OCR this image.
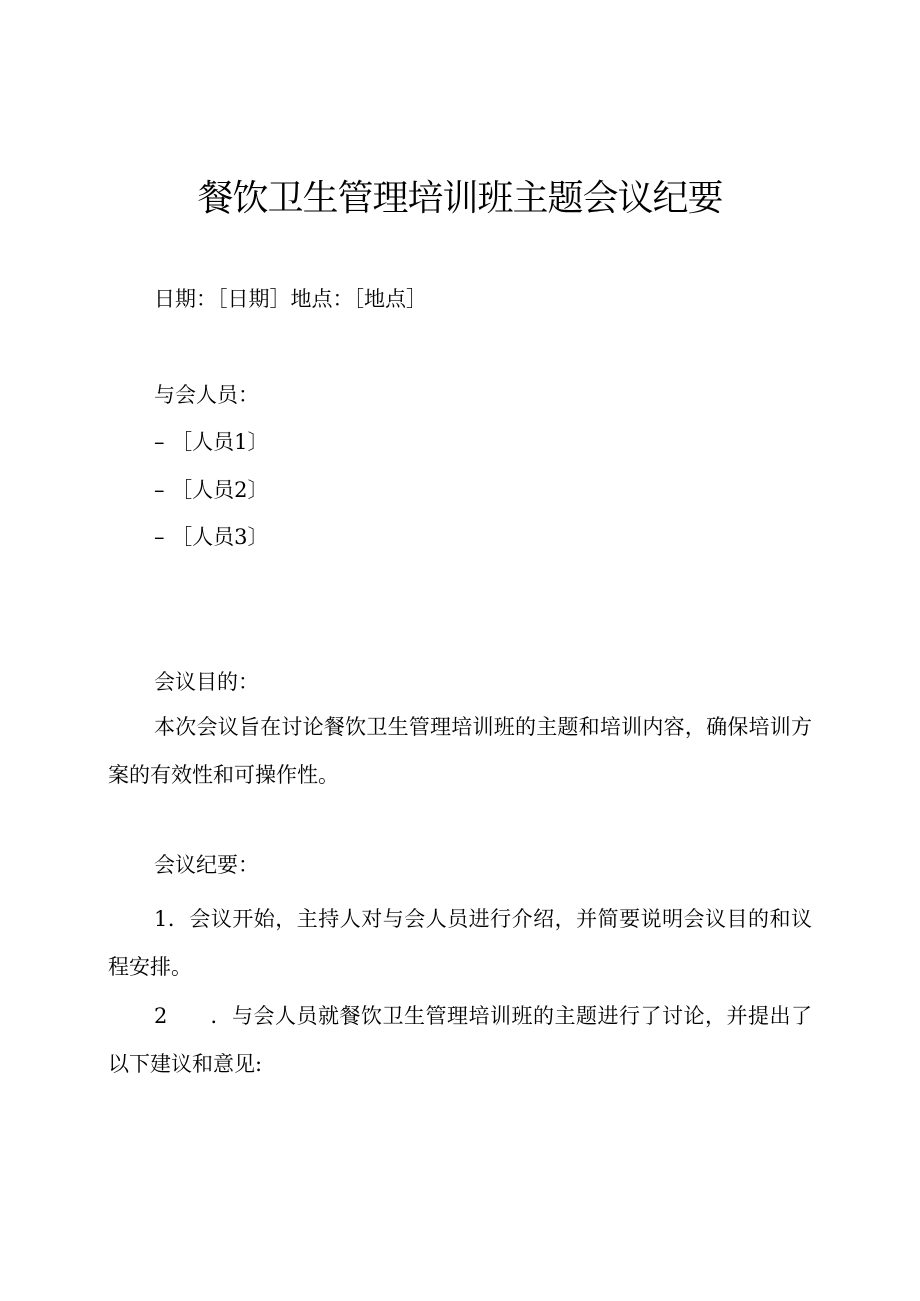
餐饮卫生管理培训班主题会议纪要

日期：［日期］地点：［地点］

与会人员：

– ［人员1〕

– ［人员2〕

– ［人员3〕

会议目的：

本次会议旨在讨论餐饮卫生管理培训班的主题和培训内容，确保培训方案的有效性和可操作性。

会议纪要：

1．会议开始，主持人对与会人员进行介绍，并简要说明会议目的和议程安排。

2 ．与会人员就餐饮卫生管理培训班的主题进行了讨论，并提出了以下建议和意见:
